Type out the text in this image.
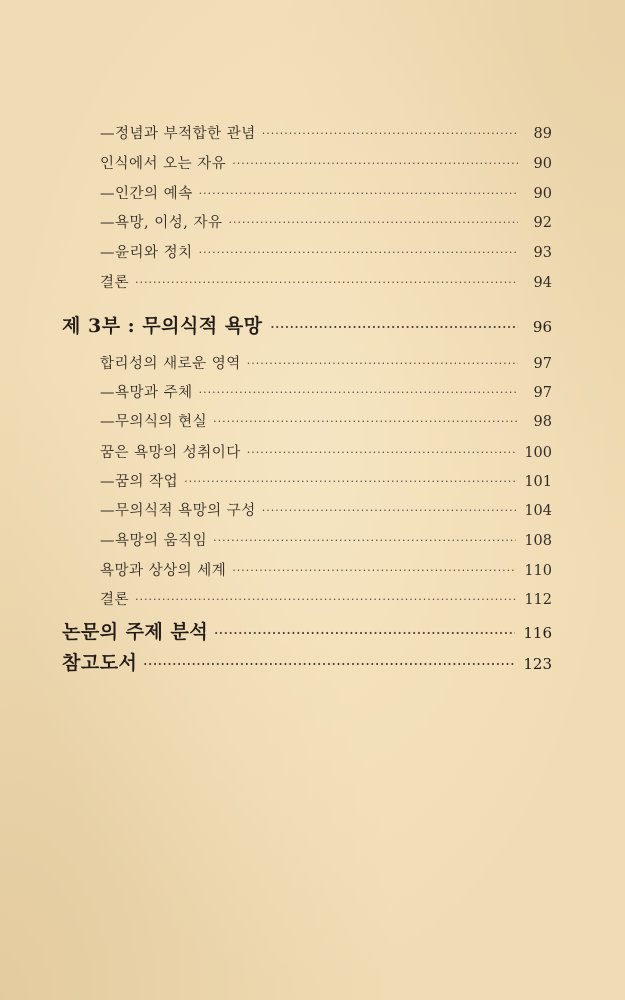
—정념과 부적합한 관념 ·····	89
인식에서 오는 자유 ·····	90
—인간의 예속 ·····	90
—욕망, 이성, 자유 ·····	92
—윤리와 정치 ·····	93
결론 ·····	94
제 3부 : 무의식적 욕망 ·····	96
합리성의 새로운 영역 ·····	97
—욕망과 주체 ·····	97
—무의식의 현실 ·····	98
꿈은 욕망의 성취이다 ·····	100
—꿈의 작업 ·····	101
—무의식적 욕망의 구성 ·····	104
—욕망의 움직임 ·····	108
욕망과 상상의 세계 ·····	110
결론 ·····	112
논문의 주제 분석 ·····	116
참고도서 ·····	123
